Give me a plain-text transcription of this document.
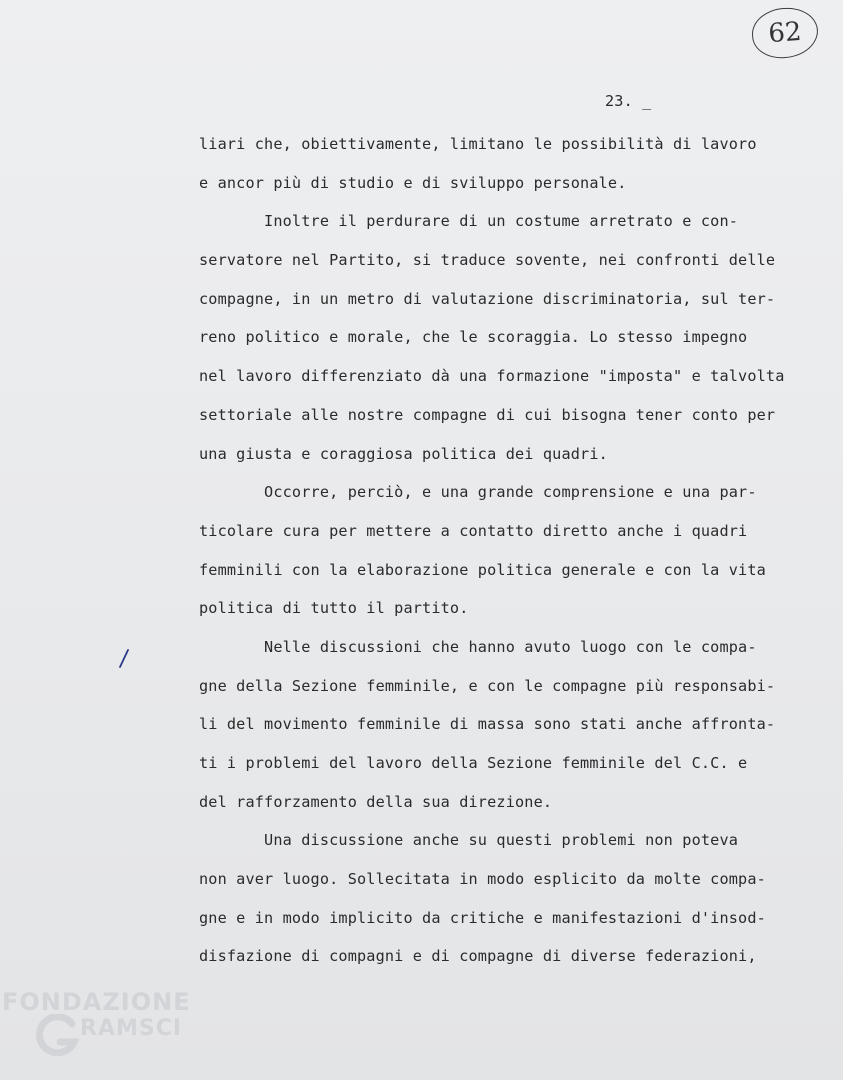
62
23. _
liari che, obiettivamente, limitano le possibilità di lavoro
e ancor più di studio e di sviluppo personale.
Inoltre il perdurare di un costume arretrato e con-
servatore nel Partito, si traduce sovente, nei confronti delle
compagne, in un metro di valutazione discriminatoria, sul ter-
reno politico e morale, che le scoraggia. Lo stesso impegno
nel lavoro differenziato dà una formazione "imposta" e talvolta
settoriale alle nostre compagne di cui bisogna tener conto per
una giusta e coraggiosa politica dei quadri.
Occorre, perciò, e una grande comprensione e una par-
ticolare cura per mettere a contatto diretto anche i quadri
femminili con la elaborazione politica generale e con la vita
politica di tutto il partito.
Nelle discussioni che hanno avuto luogo con le compa-
gne della Sezione femminile, e con le compagne più responsabi-
li del movimento femminile di massa sono stati anche affronta-
ti i problemi del lavoro della Sezione femminile del C.C. e
del rafforzamento della sua direzione.
Una discussione anche su questi problemi non poteva
non aver luogo. Sollecitata in modo esplicito da molte compa-
gne e in modo implicito da critiche e manifestazioni d'insod-
disfazione di compagni e di compagne di diverse federazioni,
FONDAZIONE
RAMSCI
